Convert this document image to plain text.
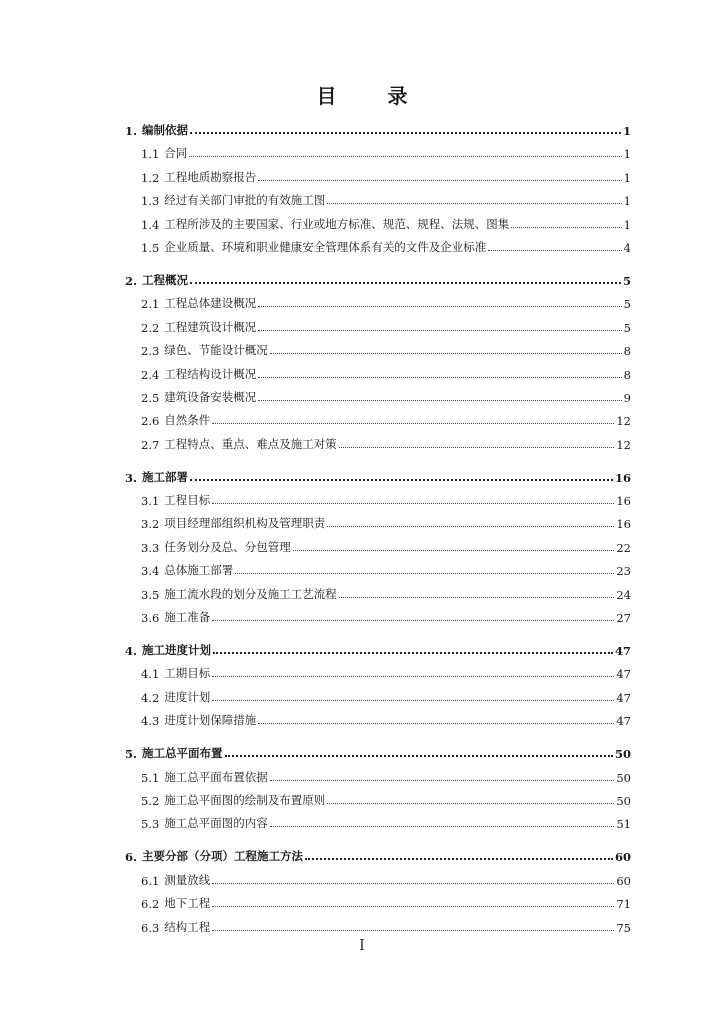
目 录
1. 编制依据	1
1.1 合同	1
1.2 工程地质勘察报告	1
1.3 经过有关部门审批的有效施工图	1
1.4 工程所涉及的主要国家、行业或地方标准、规范、规程、法规、图集	1
1.5 企业质量、环境和职业健康安全管理体系有关的文件及企业标准	4
2. 工程概况	5
2.1 工程总体建设概况	5
2.2 工程建筑设计概况	5
2.3 绿色、节能设计概况	8
2.4 工程结构设计概况	8
2.5 建筑设备安装概况	9
2.6 自然条件	12
2.7 工程特点、重点、难点及施工对策	12
3. 施工部署	16
3.1 工程目标	16
3.2 项目经理部组织机构及管理职责	16
3.3 任务划分及总、分包管理	22
3.4 总体施工部署	23
3.5 施工流水段的划分及施工工艺流程	24
3.6 施工准备	27
4. 施工进度计划	47
4.1 工期目标	47
4.2 进度计划	47
4.3 进度计划保障措施	47
5. 施工总平面布置	50
5.1 施工总平面布置依据	50
5.2 施工总平面图的绘制及布置原则	50
5.3 施工总平面图的内容	51
6. 主要分部（分项）工程施工方法	60
6.1 测量放线	60
6.2 地下工程	71
6.3 结构工程	75
I
